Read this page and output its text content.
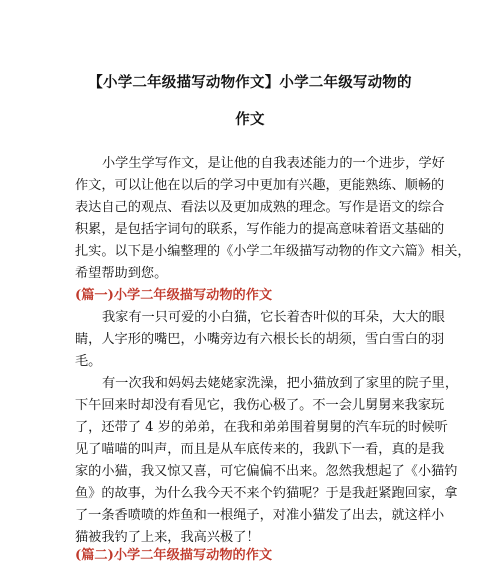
【小学二年级描写动物作文】小学二年级写动物的
作文
小学生学写作文，是让他的自我表述能力的一个进步，学好
作文，可以让他在以后的学习中更加有兴趣，更能熟练、顺畅的
表达自己的观点、看法以及更加成熟的理念。写作是语文的综合
积累，是包括字词句的联系，写作能力的提高意味着语文基础的
扎实。以下是小编整理的《小学二年级描写动物的作文六篇》相关，
希望帮助到您。
(篇一)小学二年级描写动物的作文
我家有一只可爱的小白猫，它长着杏叶似的耳朵，大大的眼
睛，人字形的嘴巴，小嘴旁边有六根长长的胡须，雪白雪白的羽
毛。
有一次我和妈妈去姥姥家洗澡，把小猫放到了家里的院子里，
下午回来时却没有看见它，我伤心极了。不一会儿舅舅来我家玩
了，还带了 4 岁的弟弟，在我和弟弟围着舅舅的汽车玩的时候听
见了喵喵的叫声，而且是从车底传来的，我趴下一看，真的是我
家的小猫，我又惊又喜，可它偏偏不出来。忽然我想起了《小猫钓
鱼》的故事，为什么我今天不来个钓猫呢？于是我赶紧跑回家，拿
了一条香喷喷的炸鱼和一根绳子，对准小猫发了出去，就这样小
猫被我钓了上来，我高兴极了！
(篇二)小学二年级描写动物的作文
